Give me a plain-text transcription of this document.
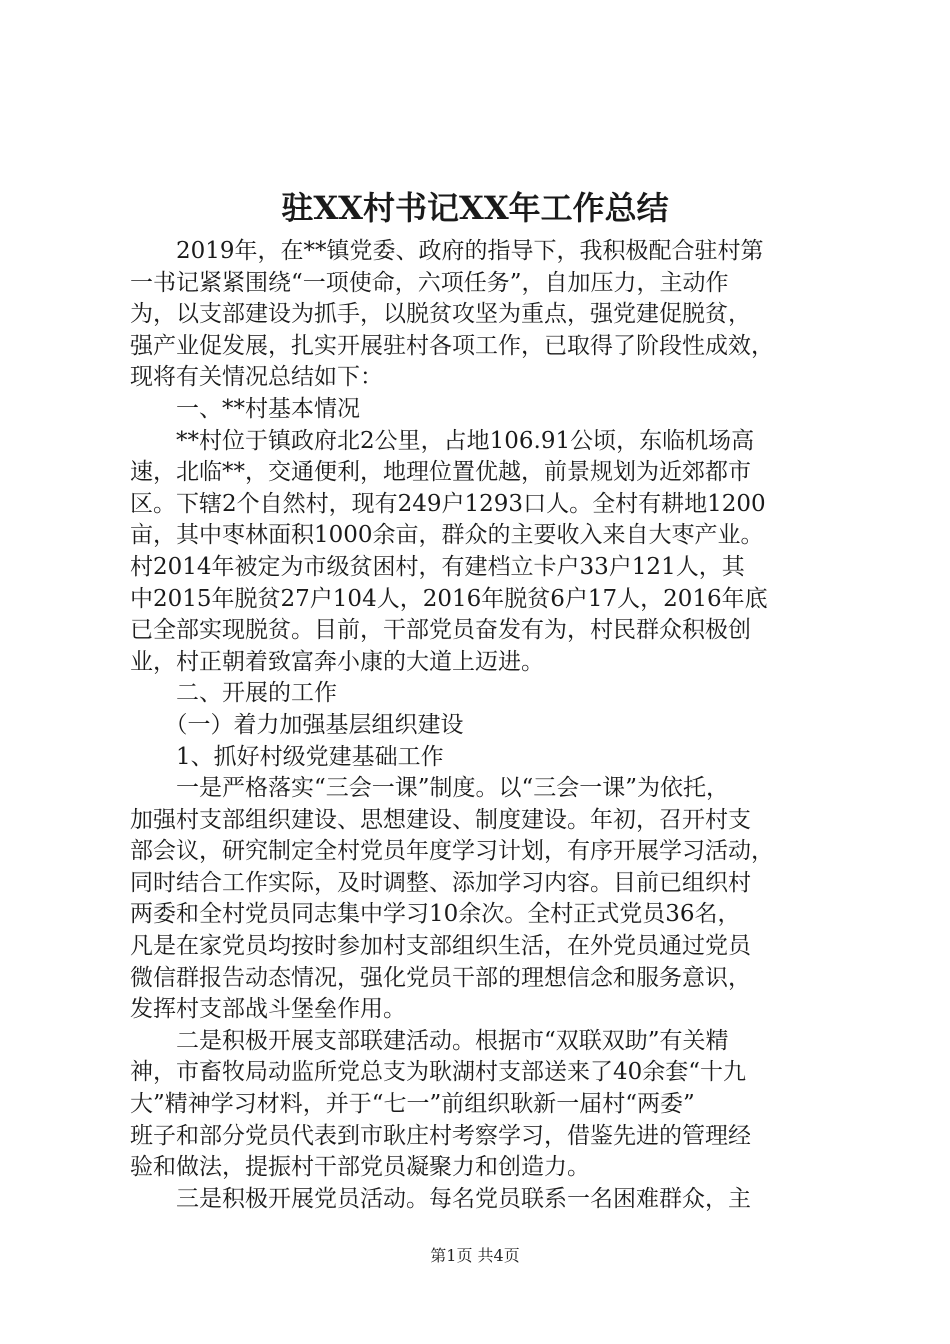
驻XX村书记XX年工作总结

　　2019年，在**镇党委、政府的指导下，我积极配合驻村第

一书记紧紧围绕“一项使命，六项任务”，自加压力，主动作

为，以支部建设为抓手，以脱贫攻坚为重点，强党建促脱贫，

强产业促发展，扎实开展驻村各项工作，已取得了阶段性成效，

现将有关情况总结如下：

　　一、**村基本情况

　　**村位于镇政府北2公里，占地106.91公顷，东临机场高

速，北临**，交通便利，地理位置优越，前景规划为近郊都市

区。下辖2个自然村，现有249户1293口人。全村有耕地1200

亩，其中枣林面积1000余亩，群众的主要收入来自大枣产业。

村2014年被定为市级贫困村，有建档立卡户33户121人，其

中2015年脱贫27户104人，2016年脱贫6户17人，2016年底

已全部实现脱贫。目前，干部党员奋发有为，村民群众积极创

业，村正朝着致富奔小康的大道上迈进。

　　二、开展的工作

　　（一）着力加强基层组织建设

　　1、抓好村级党建基础工作

　　一是严格落实“三会一课”制度。以“三会一课”为依托，

加强村支部组织建设、思想建设、制度建设。年初，召开村支

部会议，研究制定全村党员年度学习计划，有序开展学习活动，

同时结合工作实际，及时调整、添加学习内容。目前已组织村

两委和全村党员同志集中学习10余次。全村正式党员36名，

凡是在家党员均按时参加村支部组织生活，在外党员通过党员

微信群报告动态情况，强化党员干部的理想信念和服务意识，

发挥村支部战斗堡垒作用。

　　二是积极开展支部联建活动。根据市“双联双助”有关精

神，市畜牧局动监所党总支为耿湖村支部送来了40余套“十九

大”精神学习材料，并于“七一”前组织耿新一届村“两委”

班子和部分党员代表到市耿庄村考察学习，借鉴先进的管理经

验和做法，提振村干部党员凝聚力和创造力。

　　三是积极开展党员活动。每名党员联系一名困难群众，主

第1页 共4页
